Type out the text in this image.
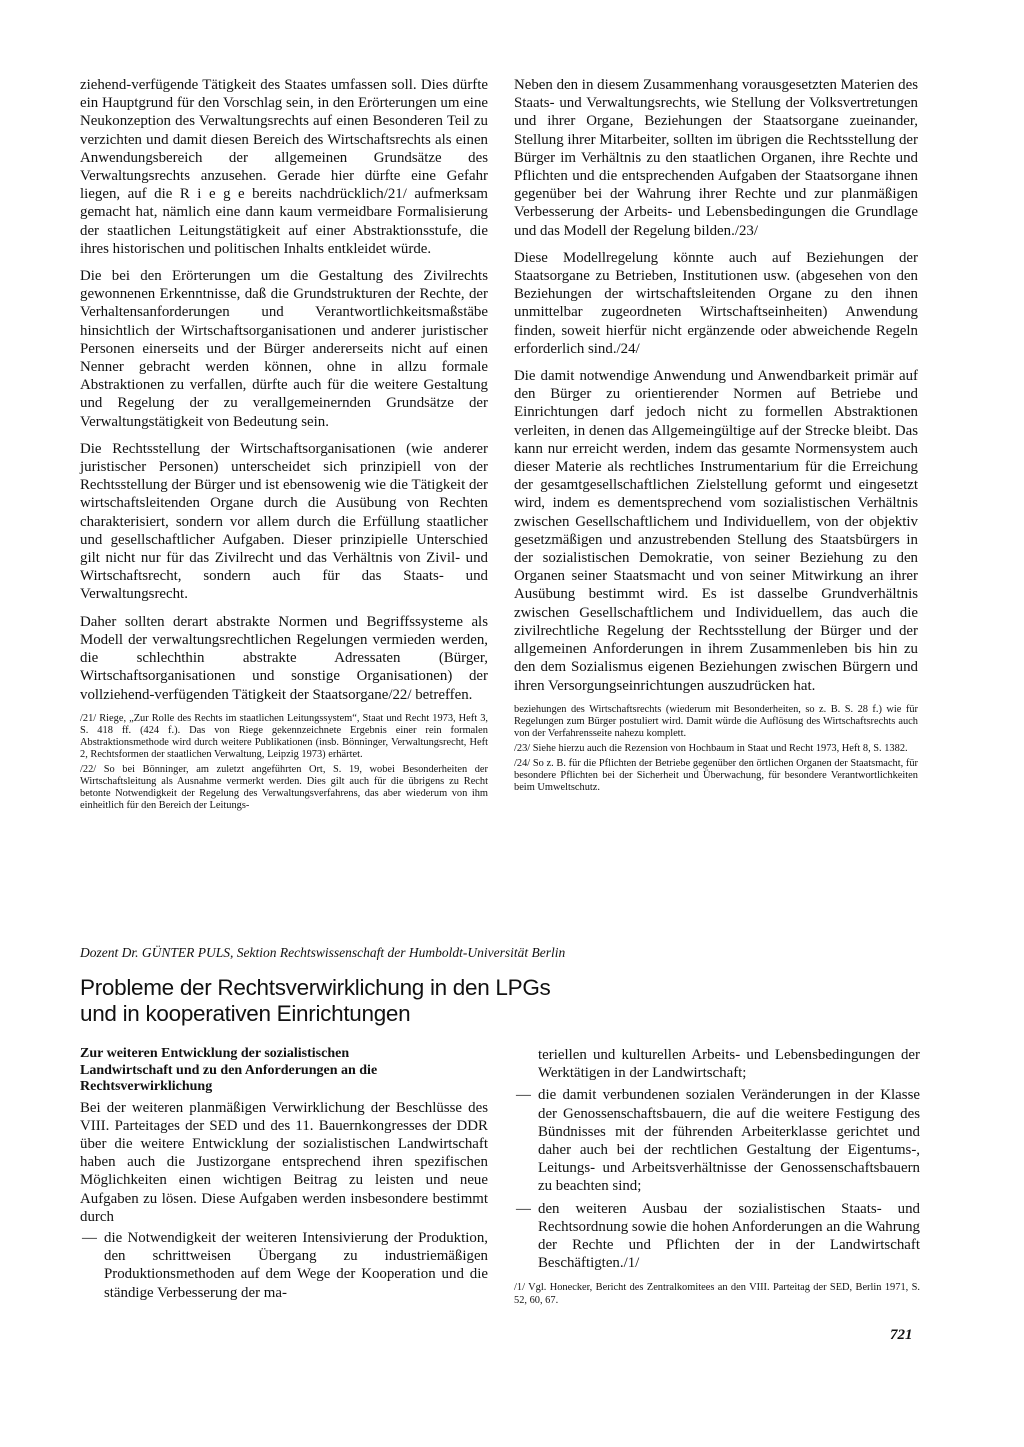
ziehend-verfügende Tätigkeit des Staates umfassen soll. Dies dürfte ein Hauptgrund für den Vorschlag sein, in den Erörterungen um eine Neukonzeption des Verwaltungsrechts auf einen Besonderen Teil zu verzichten und damit diesen Bereich des Wirtschaftsrechts als einen Anwendungsbereich der allgemeinen Grundsätze des Verwaltungsrechts anzusehen. Gerade hier dürfte eine Gefahr liegen, auf die R i e g e bereits nachdrücklich/21/ aufmerksam gemacht hat, nämlich eine dann kaum vermeidbare Formalisierung der staatlichen Leitungstätigkeit auf einer Abstraktionsstufe, die ihres historischen und politischen Inhalts entkleidet würde.

Die bei den Erörterungen um die Gestaltung des Zivilrechts gewonnenen Erkenntnisse, daß die Grundstrukturen der Rechte, der Verhaltensanforderungen und Verantwortlichkeitsmaßstäbe hinsichtlich der Wirtschaftsorganisationen und anderer juristischer Personen einerseits und der Bürger andererseits nicht auf einen Nenner gebracht werden können, ohne in allzu formale Abstraktionen zu verfallen, dürfte auch für die weitere Gestaltung und Regelung der zu verallgemeinernden Grundsätze der Verwaltungstätigkeit von Bedeutung sein.

Die Rechtsstellung der Wirtschaftsorganisationen (wie anderer juristischer Personen) unterscheidet sich prinzipiell von der Rechtsstellung der Bürger und ist ebensowenig wie die Tätigkeit der wirtschaftsleitenden Organe durch die Ausübung von Rechten charakterisiert, sondern vor allem durch die Erfüllung staatlicher und gesellschaftlicher Aufgaben. Dieser prinzipielle Unterschied gilt nicht nur für das Zivilrecht und das Verhältnis von Zivil- und Wirtschaftsrecht, sondern auch für das Staats- und Verwaltungsrecht.

Daher sollten derart abstrakte Normen und Begriffssysteme als Modell der verwaltungsrechtlichen Regelungen vermieden werden, die schlechthin abstrakte Adressaten (Bürger, Wirtschaftsorganisationen und sonstige Organisationen) der vollziehend-verfügenden Tätigkeit der Staatsorgane/22/ betreffen.

/21/ Riege, „Zur Rolle des Rechts im staatlichen Leitungssystem“, Staat und Recht 1973, Heft 3, S. 418 ff. (424 f.). Das von Riege gekennzeichnete Ergebnis einer rein formalen Abstraktionsmethode wird durch weitere Publikationen (insb. Bönninger, Verwaltungsrecht, Heft 2, Rechtsformen der staatlichen Verwaltung, Leipzig 1973) erhärtet.

/22/ So bei Bönninger, am zuletzt angeführten Ort, S. 19, wobei Besonderheiten der Wirtschaftsleitung als Ausnahme vermerkt werden. Dies gilt auch für die übrigens zu Recht betonte Notwendigkeit der Regelung des Verwaltungsverfahrens, das aber wiederum von ihm einheitlich für den Bereich der Leitungs-

Neben den in diesem Zusammenhang vorausgesetzten Materien des Staats- und Verwaltungsrechts, wie Stellung der Volksvertretungen und ihrer Organe, Beziehungen der Staatsorgane zueinander, Stellung ihrer Mitarbeiter, sollten im übrigen die Rechtsstellung der Bürger im Verhältnis zu den staatlichen Organen, ihre Rechte und Pflichten und die entsprechenden Aufgaben der Staatsorgane ihnen gegenüber bei der Wahrung ihrer Rechte und zur planmäßigen Verbesserung der Arbeits- und Lebensbedingungen die Grundlage und das Modell der Regelung bilden./23/

Diese Modellregelung könnte auch auf Beziehungen der Staatsorgane zu Betrieben, Institutionen usw. (abgesehen von den Beziehungen der wirtschaftsleitenden Organe zu den ihnen unmittelbar zugeordneten Wirtschaftseinheiten) Anwendung finden, soweit hierfür nicht ergänzende oder abweichende Regeln erforderlich sind./24/

Die damit notwendige Anwendung und Anwendbarkeit primär auf den Bürger zu orientierender Normen auf Betriebe und Einrichtungen darf jedoch nicht zu formellen Abstraktionen verleiten, in denen das Allgemeingültige auf der Strecke bleibt. Das kann nur erreicht werden, indem das gesamte Normensystem auch dieser Materie als rechtliches Instrumentarium für die Erreichung der gesamtgesellschaftlichen Zielstellung geformt und eingesetzt wird, indem es dementsprechend vom sozialistischen Verhältnis zwischen Gesellschaftlichem und Individuellem, von der objektiv gesetzmäßigen und anzustrebenden Stellung des Staatsbürgers in der sozialistischen Demokratie, von seiner Beziehung zu den Organen seiner Staatsmacht und von seiner Mitwirkung an ihrer Ausübung bestimmt wird. Es ist dasselbe Grundverhältnis zwischen Gesellschaftlichem und Individuellem, das auch die zivilrechtliche Regelung der Rechtsstellung der Bürger und der allgemeinen Anforderungen in ihrem Zusammenleben bis hin zu den dem Sozialismus eigenen Beziehungen zwischen Bürgern und ihren Versorgungseinrichtungen auszudrücken hat.

beziehungen des Wirtschaftsrechts (wiederum mit Besonderheiten, so z. B. S. 28 f.) wie für Regelungen zum Bürger postuliert wird. Damit würde die Auflösung des Wirtschaftsrechts auch von der Verfahrensseite nahezu komplett.

/23/ Siehe hierzu auch die Rezension von Hochbaum in Staat und Recht 1973, Heft 8, S. 1382.

/24/ So z. B. für die Pflichten der Betriebe gegenüber den örtlichen Organen der Staatsmacht, für besondere Pflichten bei der Sicherheit und Überwachung, für besondere Verantwortlichkeiten beim Umweltschutz.

Dozent Dr. GÜNTER PULS, Sektion Rechtswissenschaft der Humboldt-Universität Berlin
Probleme der Rechtsverwirklichung in den LPGs
und in kooperativen Einrichtungen

Zur weiteren Entwicklung der sozialistischen Landwirtschaft und zu den Anforderungen an die Rechtsverwirklichung

Bei der weiteren planmäßigen Verwirklichung der Beschlüsse des VIII. Parteitages der SED und des 11. Bauernkongresses der DDR über die weitere Entwicklung der sozialistischen Landwirtschaft haben auch die Justizorgane entsprechend ihren spezifischen Möglichkeiten einen wichtigen Beitrag zu leisten und neue Aufgaben zu lösen. Diese Aufgaben werden insbesondere bestimmt durch

— die Notwendigkeit der weiteren Intensivierung der Produktion, den schrittweisen Übergang zu industriemäßigen Produktionsmethoden auf dem Wege der Kooperation und die ständige Verbesserung der ma-
teriellen und kulturellen Arbeits- und Lebensbedingungen der Werktätigen in der Landwirtschaft;
— die damit verbundenen sozialen Veränderungen in der Klasse der Genossenschaftsbauern, die auf die weitere Festigung des Bündnisses mit der führenden Arbeiterklasse gerichtet und daher auch bei der rechtlichen Gestaltung der Eigentums-, Leitungs- und Arbeitsverhältnisse der Genossenschaftsbauern zu beachten sind;
— den weiteren Ausbau der sozialistischen Staats- und Rechtsordnung sowie die hohen Anforderungen an die Wahrung der Rechte und Pflichten der in der Landwirtschaft Beschäftigten./1/

/1/ Vgl. Honecker, Bericht des Zentralkomitees an den VIII. Parteitag der SED, Berlin 1971, S. 52, 60, 67.

721
